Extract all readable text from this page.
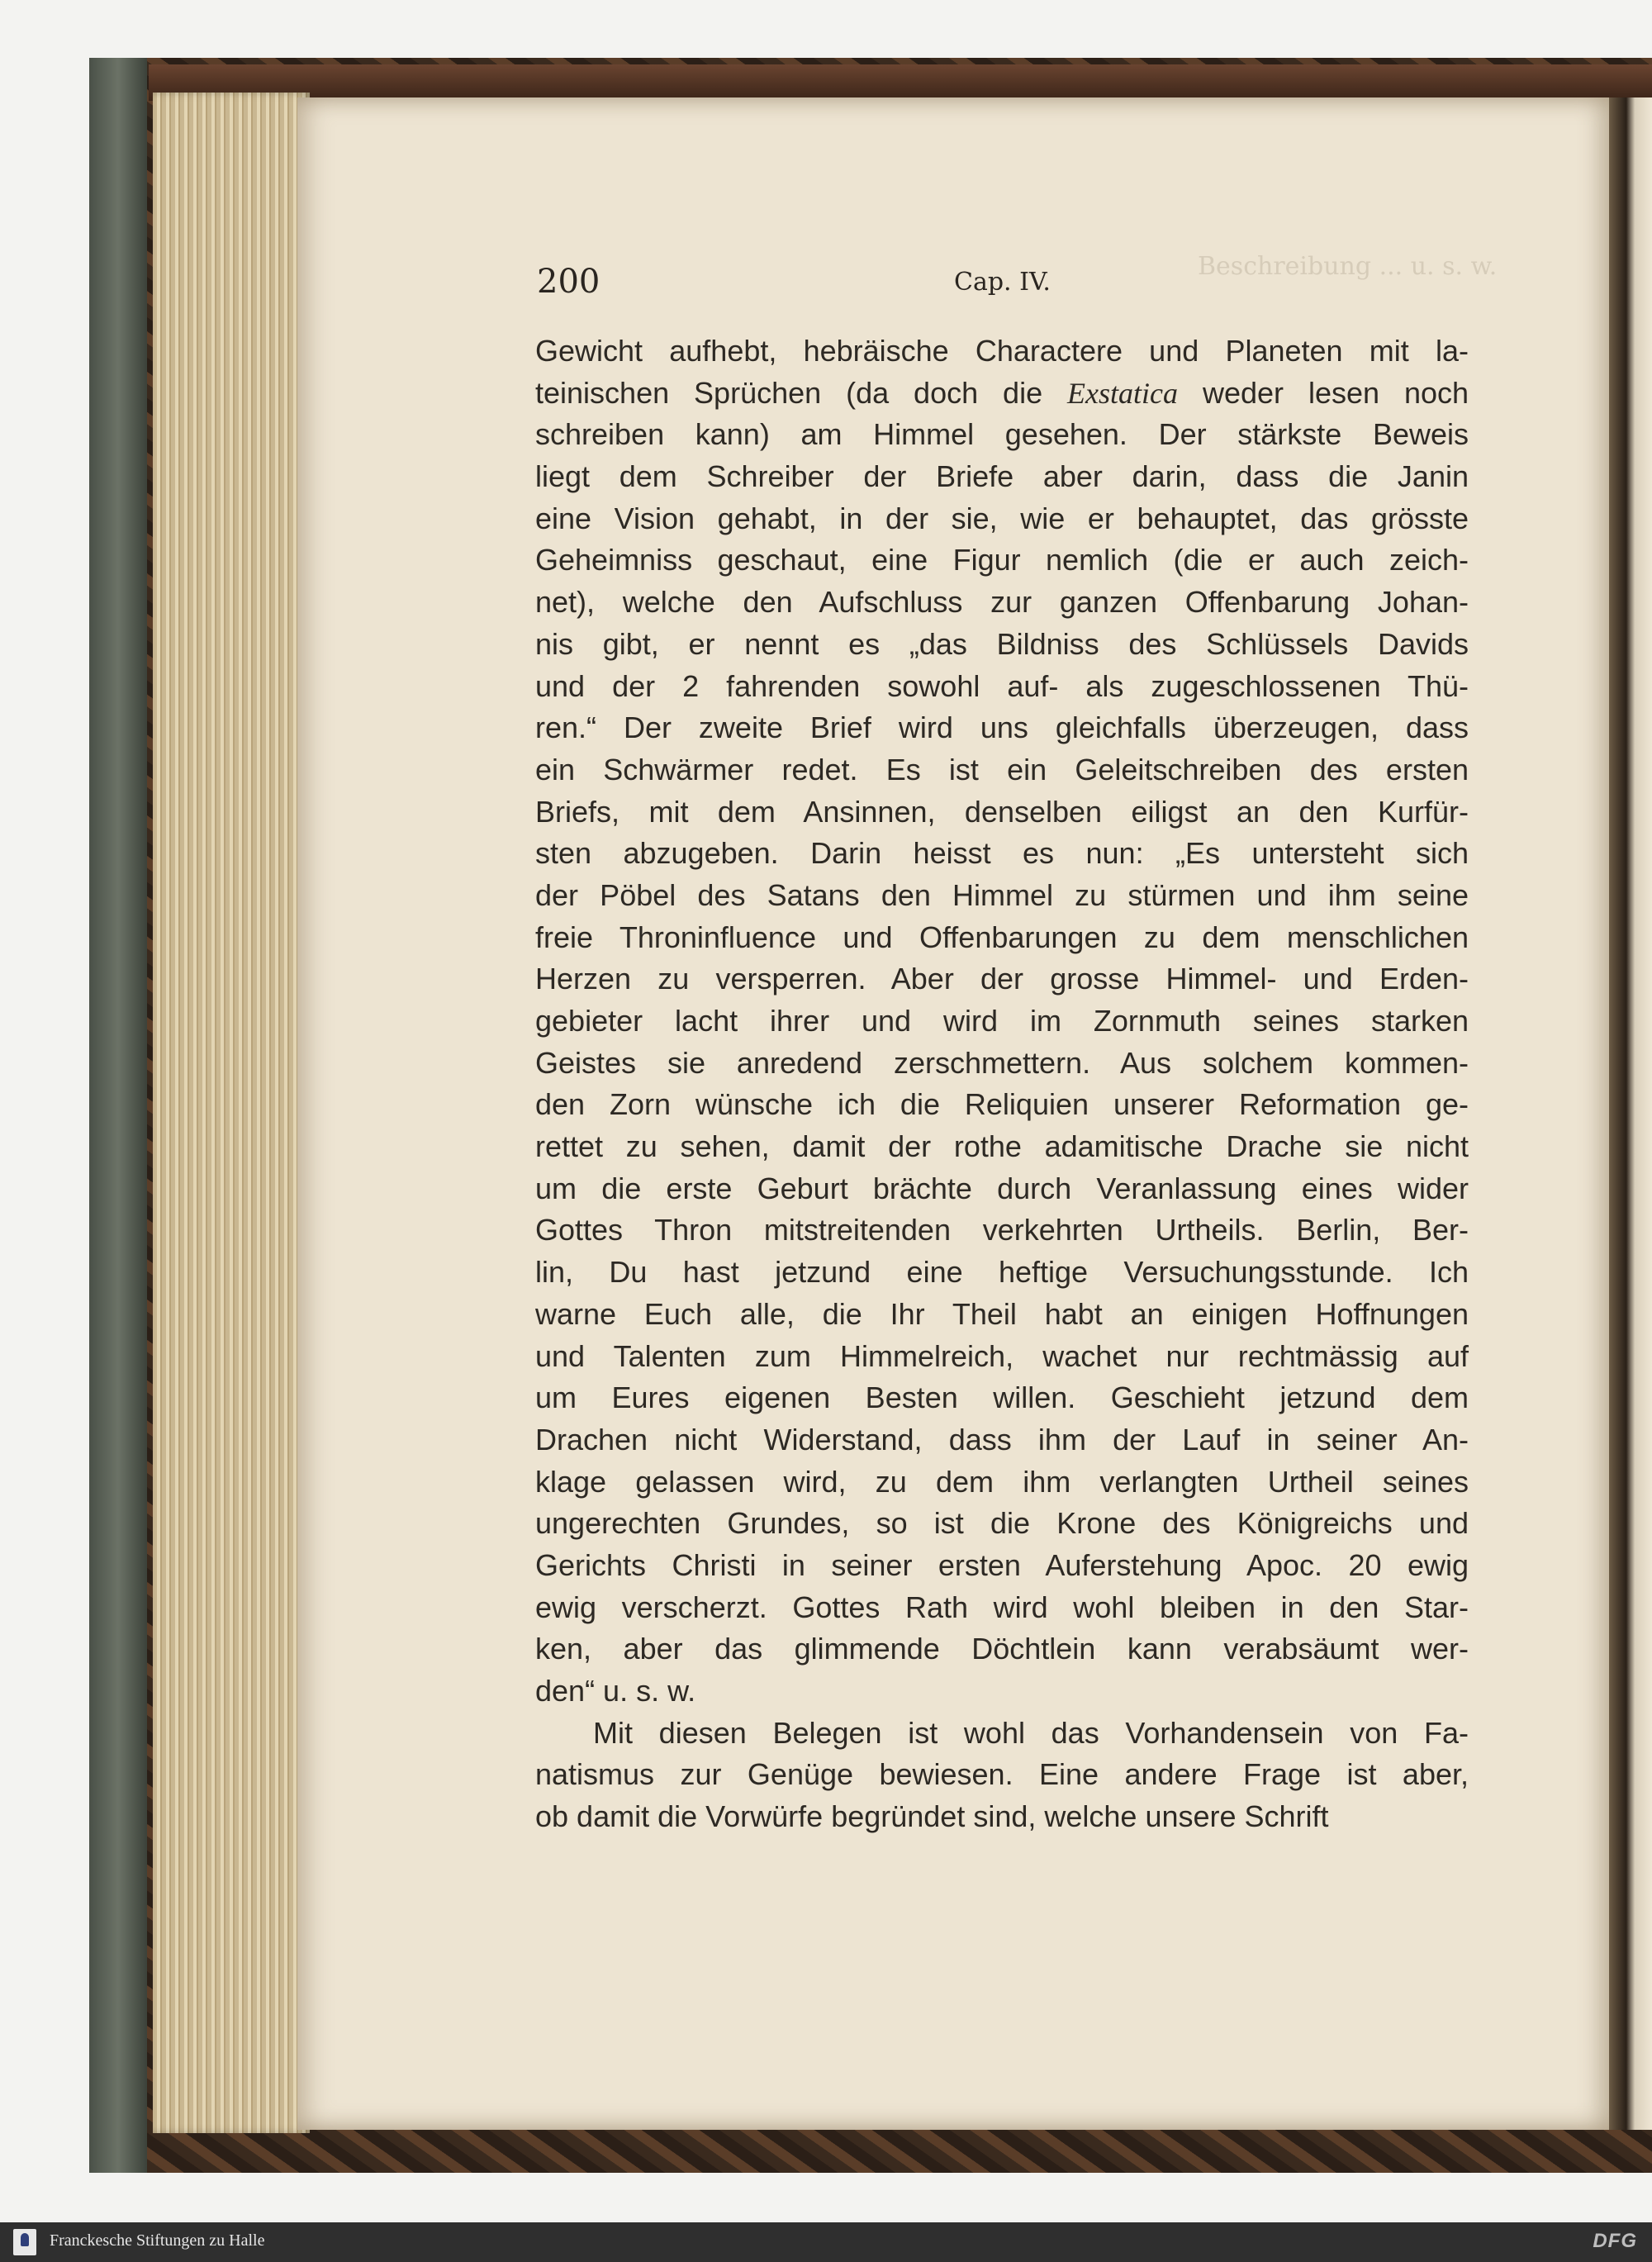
Beschreibung ... u. s. w.
200	Cap. IV.
Gewicht aufhebt, hebräische Charactere und Planeten mit la-
teinischen Sprüchen (da doch die Exstatica weder lesen noch
schreiben kann) am Himmel gesehen. Der stärkste Beweis
liegt dem Schreiber der Briefe aber darin, dass die Janin
eine Vision gehabt, in der sie, wie er behauptet, das grösste
Geheimniss geschaut, eine Figur nemlich (die er auch zeich-
net), welche den Aufschluss zur ganzen Offenbarung Johan-
nis gibt, er nennt es „das Bildniss des Schlüssels Davids
und der 2 fahrenden sowohl auf- als zugeschlossenen Thü-
ren.“ Der zweite Brief wird uns gleichfalls überzeugen, dass
ein Schwärmer redet. Es ist ein Geleitschreiben des ersten
Briefs, mit dem Ansinnen, denselben eiligst an den Kurfür-
sten abzugeben. Darin heisst es nun: „Es untersteht sich
der Pöbel des Satans den Himmel zu stürmen und ihm seine
freie Throninfluence und Offenbarungen zu dem menschlichen
Herzen zu versperren. Aber der grosse Himmel- und Erden-
gebieter lacht ihrer und wird im Zornmuth seines starken
Geistes sie anredend zerschmettern. Aus solchem kommen-
den Zorn wünsche ich die Reliquien unserer Reformation ge-
rettet zu sehen, damit der rothe adamitische Drache sie nicht
um die erste Geburt brächte durch Veranlassung eines wider
Gottes Thron mitstreitenden verkehrten Urtheils. Berlin, Ber-
lin, Du hast jetzund eine heftige Versuchungsstunde. Ich
warne Euch alle, die Ihr Theil habt an einigen Hoffnungen
und Talenten zum Himmelreich, wachet nur rechtmässig auf
um Eures eigenen Besten willen. Geschieht jetzund dem
Drachen nicht Widerstand, dass ihm der Lauf in seiner An-
klage gelassen wird, zu dem ihm verlangten Urtheil seines
ungerechten Grundes, so ist die Krone des Königreichs und
Gerichts Christi in seiner ersten Auferstehung Apoc. 20 ewig
ewig verscherzt. Gottes Rath wird wohl bleiben in den Star-
ken, aber das glimmende Döchtlein kann verabsäumt wer-
den“ u. s. w.
Mit diesen Belegen ist wohl das Vorhandensein von Fa-
natismus zur Genüge bewiesen. Eine andere Frage ist aber,
ob damit die Vorwürfe begründet sind, welche unsere Schrift
Franckesche Stiftungen zu Halle	DFG
